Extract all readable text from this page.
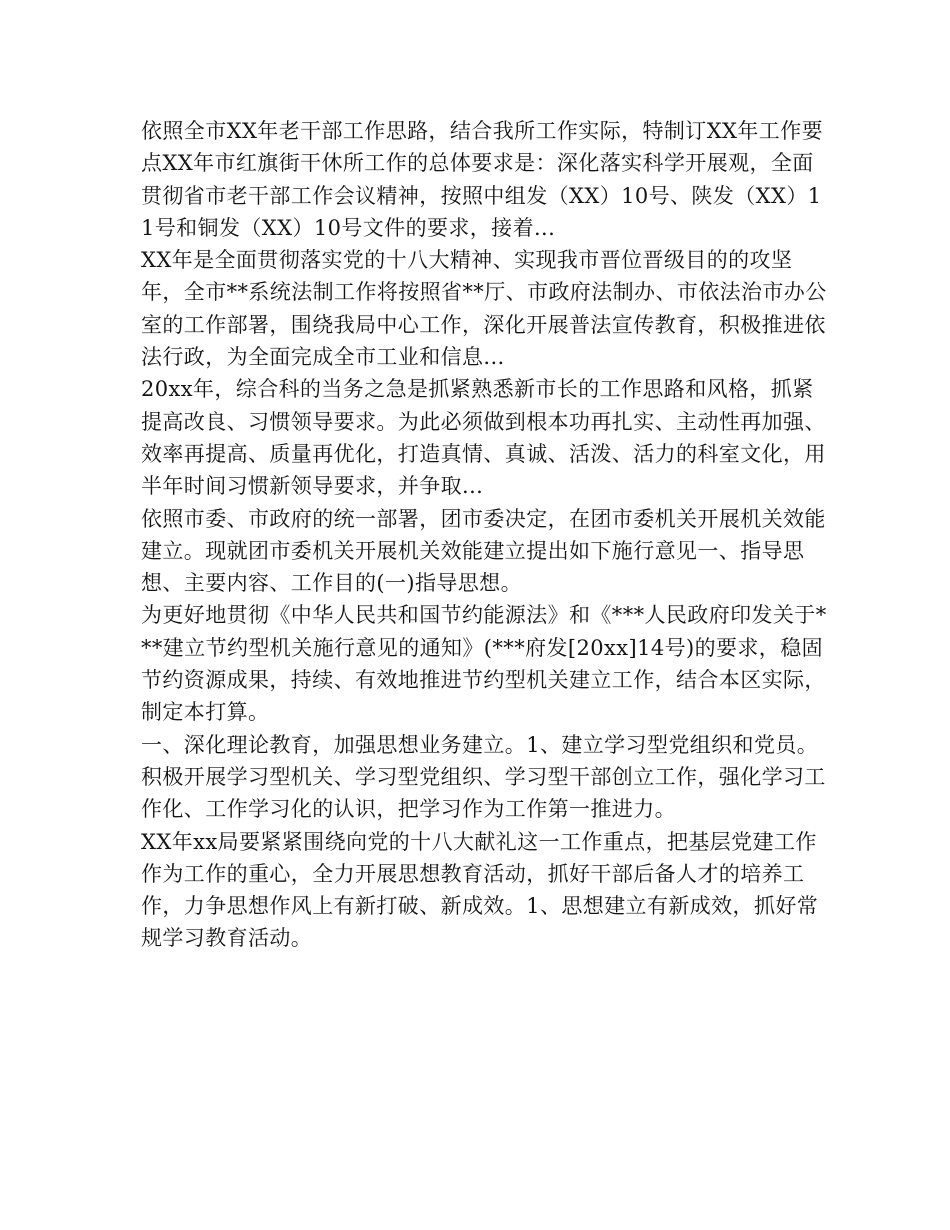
依照全市XX年老干部工作思路，结合我所工作实际，特制订XX年工作要点XX年市红旗街干休所工作的总体要求是：深化落实科学开展观，全面贯彻省市老干部工作会议精神，按照中组发（XX）10号、陕发（XX）11号和铜发（XX）10号文件的要求，接着...

XX年是全面贯彻落实党的十八大精神、实现我市晋位晋级目的的攻坚年，全市**系统法制工作将按照省**厅、市政府法制办、市依法治市办公室的工作部署，围绕我局中心工作，深化开展普法宣传教育，积极推进依法行政，为全面完成全市工业和信息...

20xx年，综合科的当务之急是抓紧熟悉新市长的工作思路和风格，抓紧提高改良、习惯领导要求。为此必须做到根本功再扎实、主动性再加强、效率再提高、质量再优化，打造真情、真诚、活泼、活力的科室文化，用半年时间习惯新领导要求，并争取...

依照市委、市政府的统一部署，团市委决定，在团市委机关开展机关效能建立。现就团市委机关开展机关效能建立提出如下施行意见一、指导思想、主要内容、工作目的(一)指导思想。

为更好地贯彻《中华人民共和国节约能源法》和《***人民政府印发关于***建立节约型机关施行意见的通知》(***府发[20xx]14号)的要求，稳固节约资源成果，持续、有效地推进节约型机关建立工作，结合本区实际，制定本打算。

一、深化理论教育，加强思想业务建立。1、建立学习型党组织和党员。积极开展学习型机关、学习型党组织、学习型干部创立工作，强化学习工作化、工作学习化的认识，把学习作为工作第一推进力。

XX年xx局要紧紧围绕向党的十八大献礼这一工作重点，把基层党建工作作为工作的重心，全力开展思想教育活动，抓好干部后备人才的培养工作，力争思想作风上有新打破、新成效。1、思想建立有新成效，抓好常规学习教育活动。
